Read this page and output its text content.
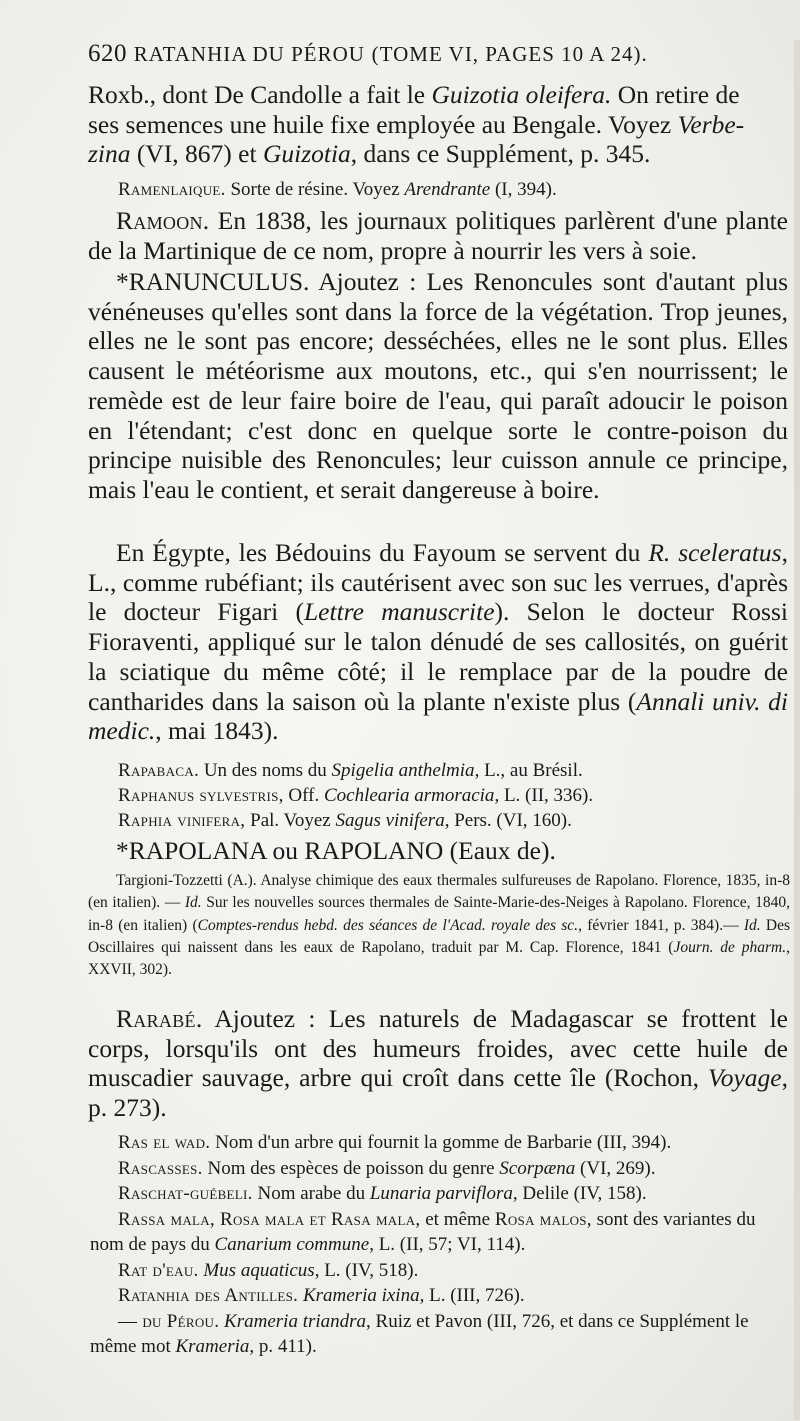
620 RATANHIA DU PÉROU (TOME VI, PAGES 10 A 24).

Roxb., dont De Candolle a fait le Guizotia oleifera. On retire de

ses semences une huile fixe employée au Bengale. Voyez Verbe-

zina (VI, 867) et Guizotia, dans ce Supplément, p. 345.

Ramenlaique. Sorte de résine. Voyez Arendrante (I, 394).

Ramoon. En 1838, les journaux politiques parlèrent d'une plante de la Martinique de ce nom, propre à nourrir les vers à soie.

*RANUNCULUS. Ajoutez : Les Renoncules sont d'autant plus vénéneuses qu'elles sont dans la force de la végétation. Trop jeunes, elles ne le sont pas encore; desséchées, elles ne le sont plus. Elles causent le météorisme aux moutons, etc., qui s'en nourrissent; le remède est de leur faire boire de l'eau, qui paraît adoucir le poison en l'étendant; c'est donc en quelque sorte le contre-poison du principe nuisible des Renoncules; leur cuisson annule ce principe, mais l'eau le contient, et serait dangereuse à boire.

En Égypte, les Bédouins du Fayoum se servent du R. sceleratus, L., comme rubéfiant; ils cautérisent avec son suc les verrues, d'après le docteur Figari (Lettre manuscrite). Selon le docteur Rossi Fioraventi, appliqué sur le talon dénudé de ses callosités, on guérit la sciatique du même côté; il le remplace par de la poudre de cantharides dans la saison où la plante n'existe plus (Annali univ. di medic., mai 1843).

Rapabaca. Un des noms du Spigelia anthelmia, L., au Brésil.

Raphanus sylvestris, Off. Cochlearia armoracia, L. (II, 336).

Raphia vinifera, Pal. Voyez Sagus vinifera, Pers. (VI, 160).

*RAPOLANA ou RAPOLANO (Eaux de).

Targioni-Tozzetti (A.). Analyse chimique des eaux thermales sulfureuses de Rapolano. Florence, 1835, in-8 (en italien). — Id. Sur les nouvelles sources thermales de Sainte-Marie-des-Neiges à Rapolano. Florence, 1840, in-8 (en italien) (Comptes-rendus hebd. des séances de l'Acad. royale des sc., février 1841, p. 384).— Id. Des Oscillaires qui naissent dans les eaux de Rapolano, traduit par M. Cap. Florence, 1841 (Journ. de pharm., XXVII, 302).

Rarabé. Ajoutez : Les naturels de Madagascar se frottent le corps, lorsqu'ils ont des humeurs froides, avec cette huile de muscadier sauvage, arbre qui croît dans cette île (Rochon, Voyage, p. 273).

Ras el wad. Nom d'un arbre qui fournit la gomme de Barbarie (III, 394).

Rascasses. Nom des espèces de poisson du genre Scorpæna (VI, 269).

Raschat-guébeli. Nom arabe du Lunaria parviflora, Delile (IV, 158).

Rassa mala, Rosa mala et Rasa mala, et même Rosa malos, sont des variantes du nom de pays du Canarium commune, L. (II, 57; VI, 114).

Rat d'eau. Mus aquaticus, L. (IV, 518).

Ratanhia des Antilles. Krameria ixina, L. (III, 726).

— du Pérou. Krameria triandra, Ruiz et Pavon (III, 726, et dans ce Supplément le même mot Krameria, p. 411).
